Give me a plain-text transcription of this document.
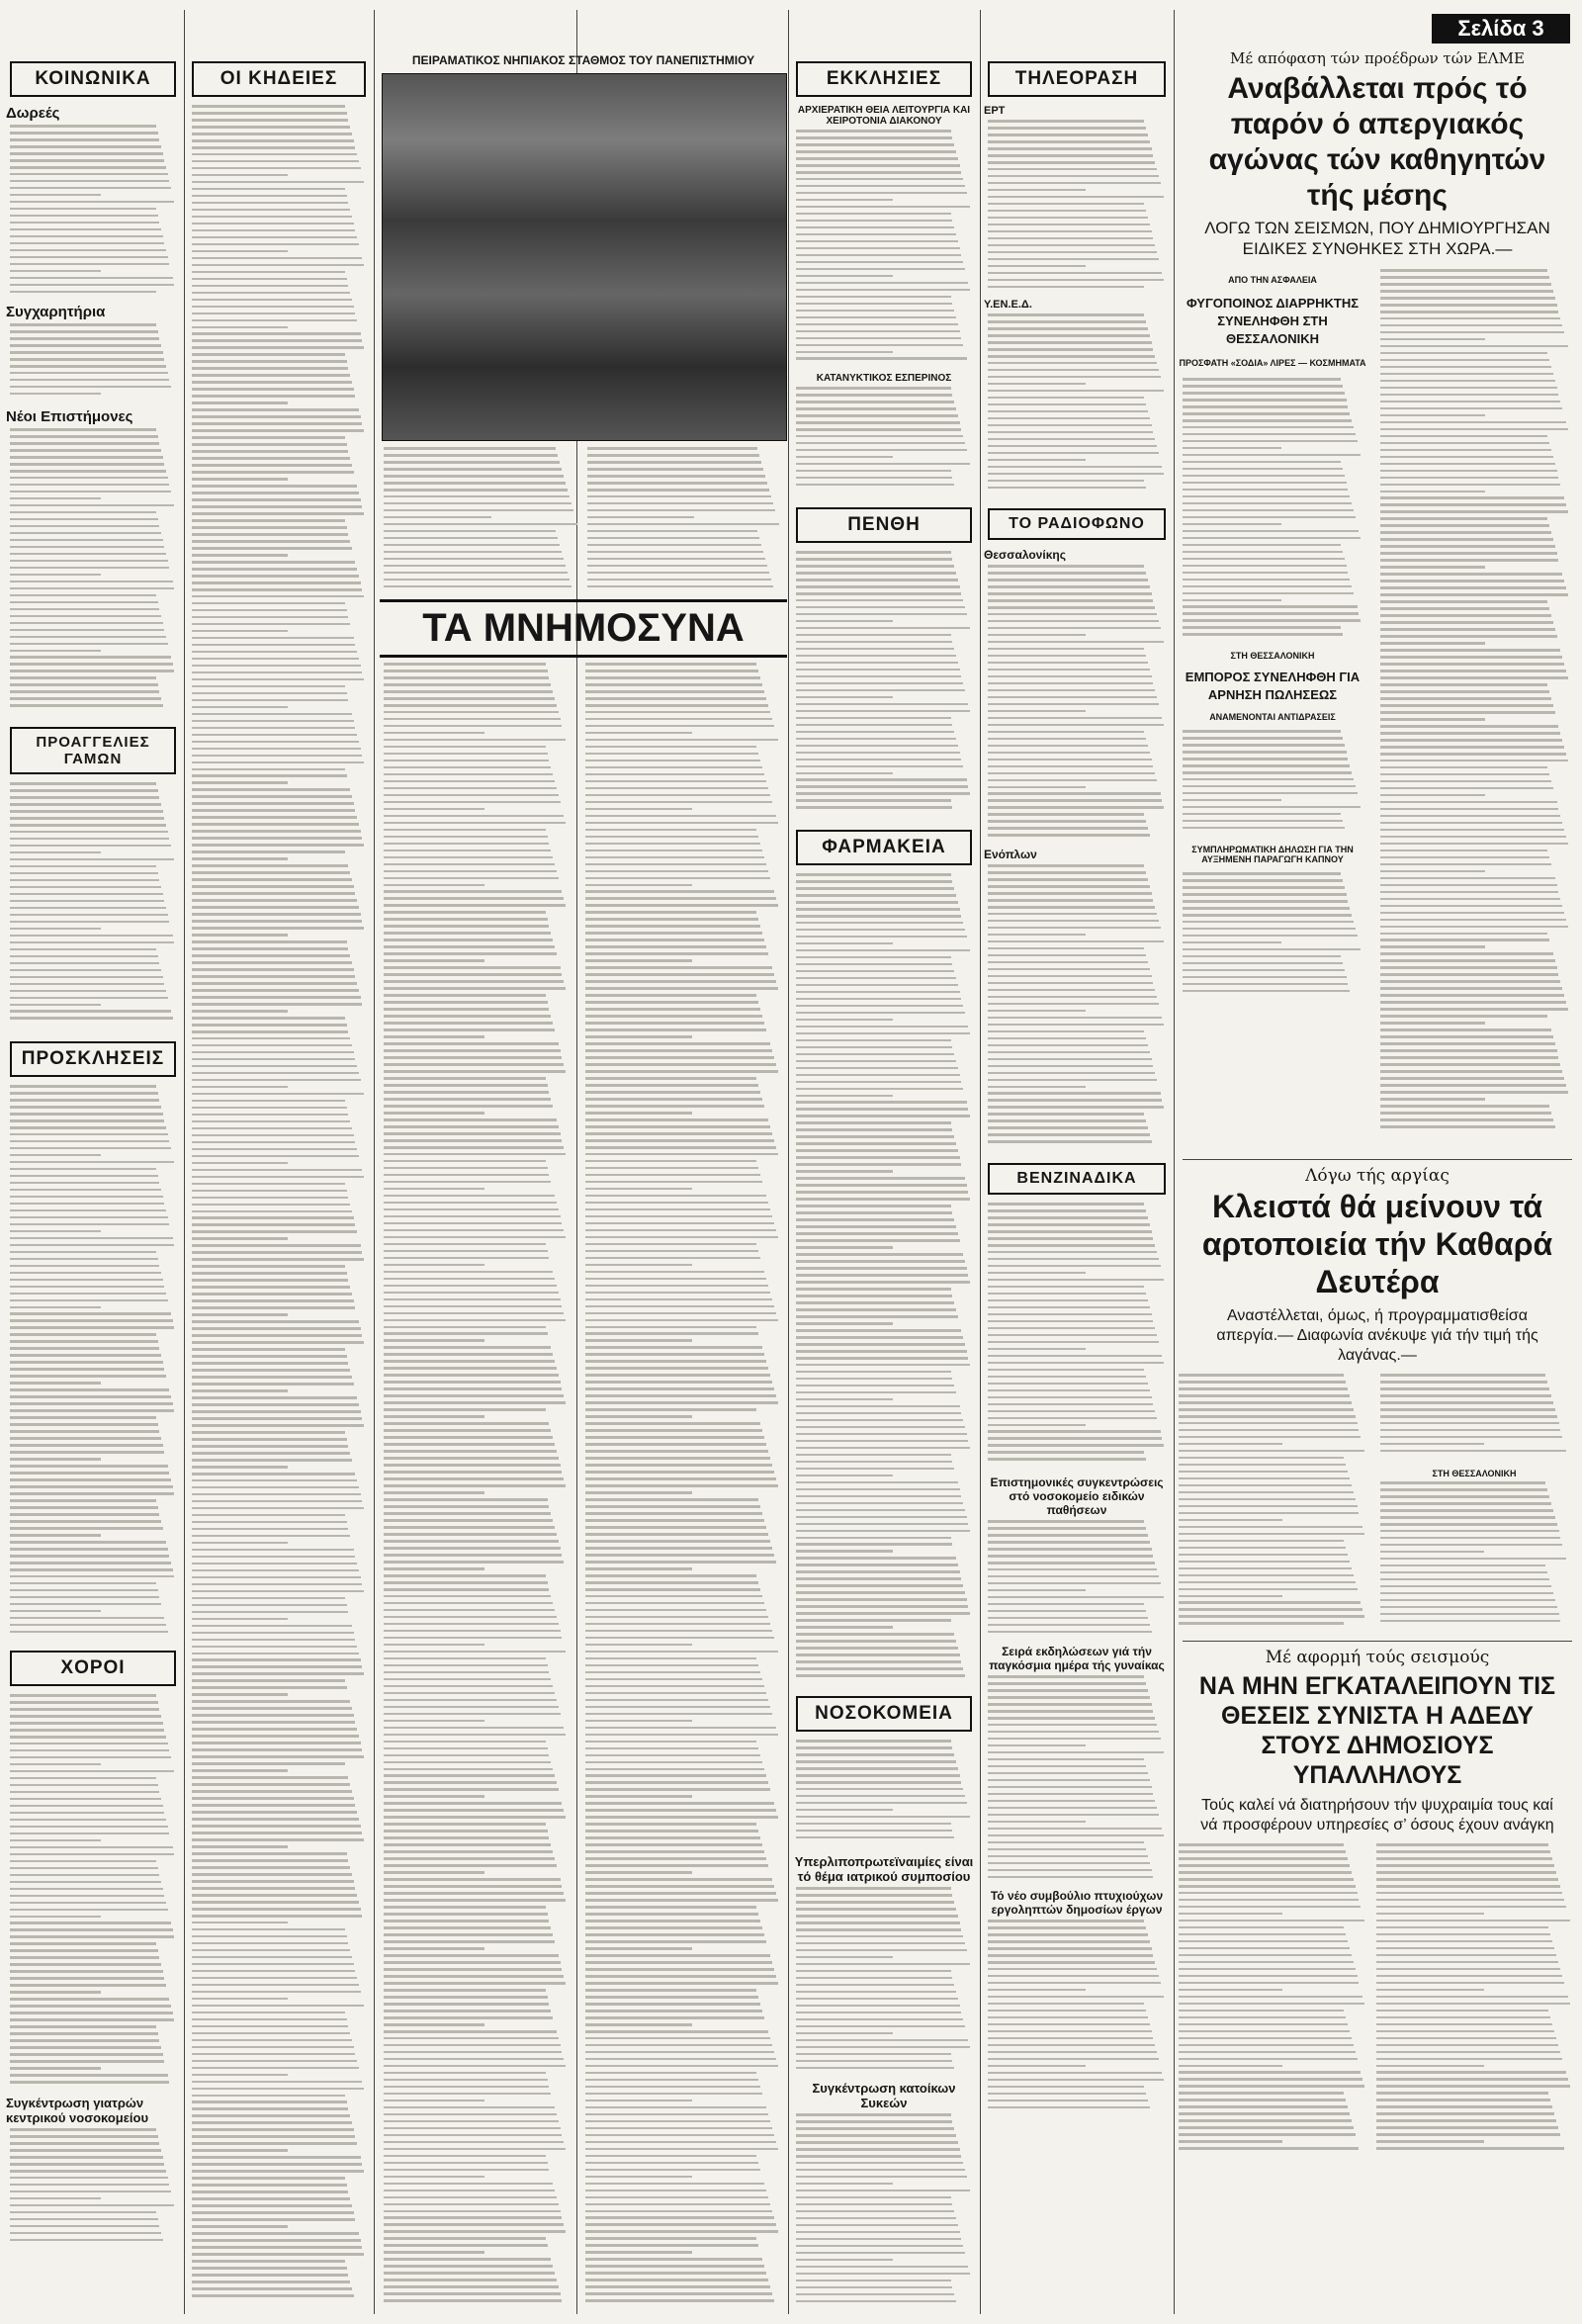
ΚΟΙΝΩΝΙΚΑ
Δωρεές
Συγχαρητήρια
Νέοι Επιστήμονες
ΠΡΟΑΓΓΕΛΙΕΣ ΓΑΜΩΝ
ΠΡΟΣΚΛΗΣΕΙΣ
ΧΟΡΟΙ
Συγκέντρωση γιατρών κεντρικού νοσοκομείου
ΟΙ ΚΗΔΕΙΕΣ
ΠΕΙΡΑΜΑΤΙΚΟΣ ΝΗΠΙΑΚΟΣ ΣΤΑΘΜΟΣ ΤΟΥ ΠΑΝΕΠΙΣΤΗΜΙΟΥ
ΤΑ ΜΝΗΜΟΣΥΝΑ
ΕΚΚΛΗΣΙΕΣ
ΑΡΧΙΕΡΑΤΙΚΗ ΘΕΙΑ ΛΕΙΤΟΥΡΓΙΑ ΚΑΙ ΧΕΙΡΟΤΟΝΙΑ ΔΙΑΚΟΝΟΥ
ΚΑΤΑΝΥΚΤΙΚΟΣ ΕΣΠΕΡΙΝΟΣ
ΠΕΝΘΗ
ΦΑΡΜΑΚΕΙΑ
ΝΟΣΟΚΟΜΕΙΑ
Υπερλιποπρωτεϊναιμίες είναι τό θέμα ιατρικού συμποσίου
Συγκέντρωση κατοίκων Συκεών
ΤΗΛΕΟΡΑΣΗ
ΕΡΤ
Υ.ΕΝ.Ε.Δ.
ΤΟ ΡΑΔΙΟΦΩΝΟ
Θεσσαλονίκης
Ενόπλων
ΒΕΝΖΙΝΑΔΙΚΑ
Επιστημονικές συγκεντρώσεις στό νοσοκομείο ειδικών παθήσεων
Σειρά εκδηλώσεων γιά τήν παγκόσμια ημέρα τής γυναίκας
Τό νέο συμβούλιο πτυχιούχων εργοληπτών δημοσίων έργων
Σελίδα 3
Μέ απόφαση τών προέδρων τών ΕΛΜΕ
Αναβάλλεται πρός τό παρόν ό απεργιακός αγώνας τών καθηγητών τής μέσης
ΛΟΓΩ ΤΩΝ ΣΕΙΣΜΩΝ, ΠΟΥ ΔΗΜΙΟΥΡΓΗΣΑΝ ΕΙΔΙΚΕΣ ΣΥΝΘΗΚΕΣ ΣΤΗ ΧΩΡΑ.—
ΑΠΟ ΤΗΝ ΑΣΦΑΛΕΙΑ
ΦΥΓΟΠΟΙΝΟΣ ΔΙΑΡΡΗΚΤΗΣ ΣΥΝΕΛΗΦΘΗ ΣΤΗ ΘΕΣΣΑΛΟΝΙΚΗ
ΠΡΟΣΦΑΤΗ «ΣΟΔΙΑ» ΛΙΡΕΣ — ΚΟΣΜΗΜΑΤΑ
ΣΤΗ ΘΕΣΣΑΛΟΝΙΚΗ
ΕΜΠΟΡΟΣ ΣΥΝΕΛΗΦΘΗ ΓΙΑ ΑΡΝΗΣΗ ΠΩΛΗΣΕΩΣ
ΑΝΑΜΕΝΟΝΤΑΙ ΑΝΤΙΔΡΑΣΕΙΣ
ΣΥΜΠΛΗΡΩΜΑΤΙΚΗ ΔΗΛΩΣΗ ΓΙΑ ΤΗΝ ΑΥΞΗΜΕΝΗ ΠΑΡΑΓΩΓΗ ΚΑΠΝΟΥ
Λόγω τής αργίας
Κλειστά θά μείνουν τά αρτοποιεία τήν Καθαρά Δευτέρα
Αναστέλλεται, όμως, ή προγραμματισθείσα απεργία.— Διαφωνία ανέκυψε γιά τήν τιμή τής λαγάνας.—
ΣΤΗ ΘΕΣΣΑΛΟΝΙΚΗ
Μέ αφορμή τούς σεισμούς
ΝΑ ΜΗΝ ΕΓΚΑΤΑΛΕΙΠΟΥΝ ΤΙΣ ΘΕΣΕΙΣ ΣΥΝΙΣΤΑ Η ΑΔΕΔΥ ΣΤΟΥΣ ΔΗΜΟΣΙΟΥΣ ΥΠΑΛΛΗΛΟΥΣ
Τούς καλεί νά διατηρήσουν τήν ψυχραιμία τους καί νά προσφέρουν υπηρεσίες σ’ όσους έχουν ανάγκη
